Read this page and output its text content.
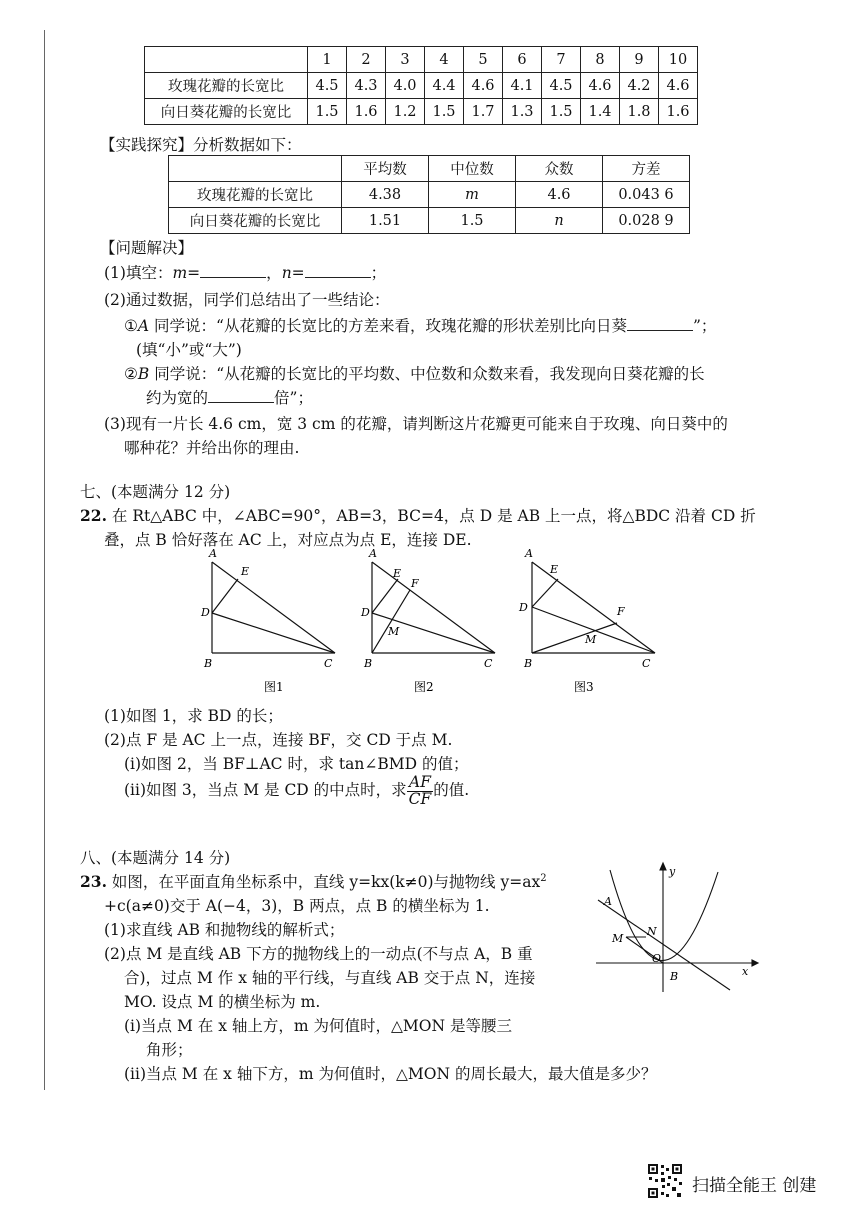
	1	2	3	4	5	6	7	8	9	10
玫瑰花瓣的长宽比	4.5	4.3	4.0	4.4	4.6	4.1	4.5	4.6	4.2	4.6
向日葵花瓣的长宽比	1.5	1.6	1.2	1.5	1.7	1.3	1.5	1.4	1.8	1.6
【实践探究】分析数据如下：
	平均数	中位数	众数	方差
玫瑰花瓣的长宽比	4.38	m	4.6	0.043 6
向日葵花瓣的长宽比	1.51	1.5	n	0.028 9
【问题解决】
(1)填空：m=	，n=	；
(2)通过数据，同学们总结出了一些结论：
①A 同学说：“从花瓣的长宽比的方差来看，玫瑰花瓣的形状差别比向日葵	”；
(填“小”或“大”)
②B 同学说：“从花瓣的长宽比的平均数、中位数和众数来看，我发现向日葵花瓣的长
约为宽的	倍”；
(3)现有一片长 4.6 cm，宽 3 cm 的花瓣，请判断这片花瓣更可能来自于玫瑰、向日葵中的
哪种花？并给出你的理由.
七、(本题满分 12 分)
22. 在 Rt△ABC 中，∠ABC=90°，AB=3，BC=4，点 D 是 AB 上一点，将△BDC 沿着 CD 折
叠，点 B 恰好落在 AC 上，对应点为点 E，连接 DE.
A
E
D
B	C
图1
A
E
F
D
M
B	C
图2
A
E
F
D
M
B	C
图3
(1)如图 1，求 BD 的长；
(2)点 F 是 AC 上一点，连接 BF，交 CD 于点 M.
(ⅰ)如图 2，当 BF⊥AC 时，求 tan∠BMD 的值；
(ⅱ)如图 3，当点 M 是 CD 的中点时，求 $\frac{AF}{CF}$ 的值.
八、(本题满分 14 分)
23. 如图，在平面直角坐标系中，直线 y=kx(k≠0)与抛物线 $y=ax^2$
+c(a≠0)交于 A(−4，3)，B 两点，点 B 的横坐标为 1.
(1)求直线 AB 和抛物线的解析式；
(2)点 M 是直线 AB 下方的抛物线上的一动点(不与点 A，B 重
合)，过点 M 作 x 轴的平行线，与直线 AB 交于点 N，连接
MO. 设点 M 的横坐标为 m.
(ⅰ)当点 M 在 x 轴上方，m 为何值时，△MON 是等腰三
角形；
(ⅱ)当点 M 在 x 轴下方，m 为何值时，△MON 的周长最大，最大值是多少？
y
x
O
A
B
M
N
扫描全能王 创建
